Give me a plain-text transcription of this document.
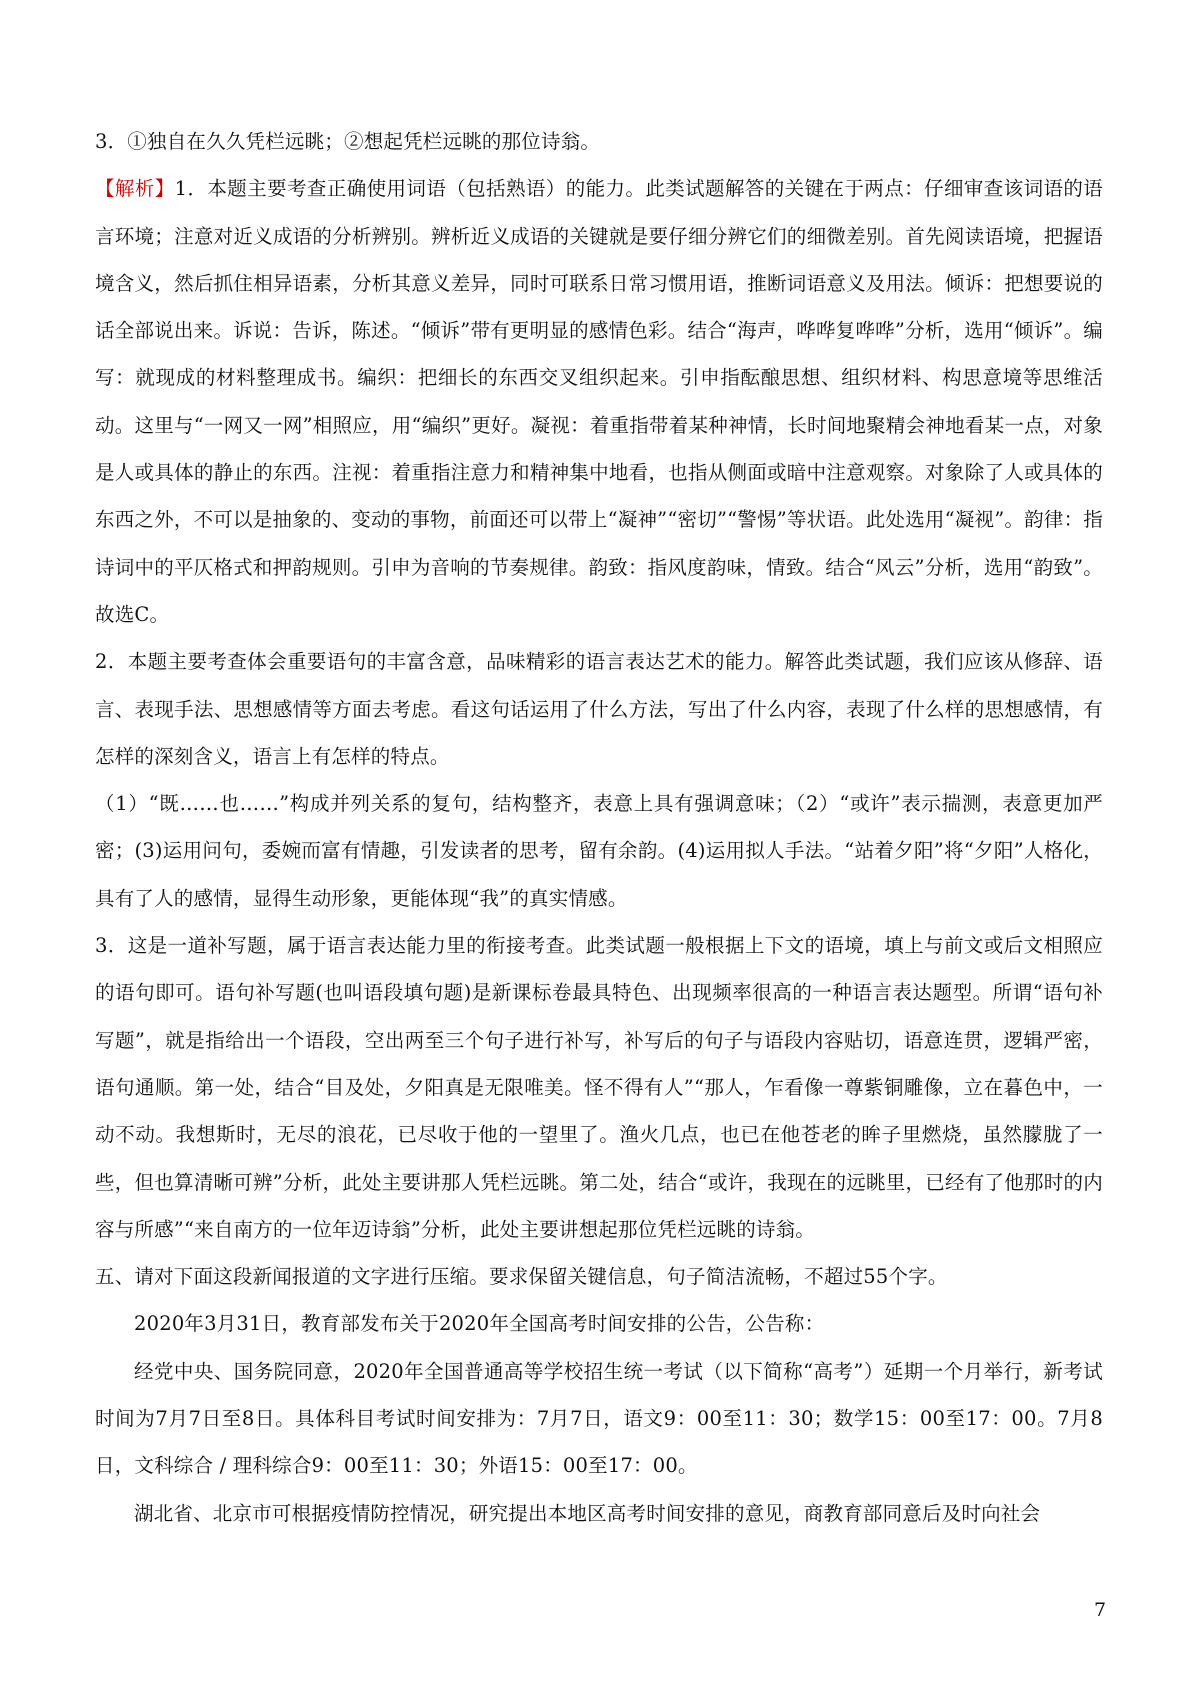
3．①独自在久久凭栏远眺；②想起凭栏远眺的那位诗翁。

【解析】1．本题主要考查正确使用词语（包括熟语）的能力。此类试题解答的关键在于两点：仔细审查该词语的语言环境；注意对近义成语的分析辨别。辨析近义成语的关键就是要仔细分辨它们的细微差别。首先阅读语境，把握语境含义，然后抓住相异语素，分析其意义差异，同时可联系日常习惯用语，推断词语意义及用法。倾诉：把想要说的话全部说出来。诉说：告诉，陈述。“倾诉”带有更明显的感情色彩。结合“海声，哗哗复哗哗”分析，选用“倾诉”。编写：就现成的材料整理成书。编织：把细长的东西交叉组织起来。引申指酝酿思想、组织材料、构思意境等思维活动。这里与“一网又一网”相照应，用“编织”更好。凝视：着重指带着某种神情，长时间地聚精会神地看某一点，对象是人或具体的静止的东西。注视：着重指注意力和精神集中地看，也指从侧面或暗中注意观察。对象除了人或具体的东西之外，不可以是抽象的、变动的事物，前面还可以带上“凝神”“密切”“警惕”等状语。此处选用“凝视”。韵律：指诗词中的平仄格式和押韵规则。引申为音响的节奏规律。韵致：指风度韵味，情致。结合“风云”分析，选用“韵致”。故选C。

2．本题主要考查体会重要语句的丰富含意，品味精彩的语言表达艺术的能力。解答此类试题，我们应该从修辞、语言、表现手法、思想感情等方面去考虑。看这句话运用了什么方法，写出了什么内容，表现了什么样的思想感情，有怎样的深刻含义，语言上有怎样的特点。

（1）“既……也……”构成并列关系的复句，结构整齐，表意上具有强调意味；（2）“或许”表示揣测，表意更加严密；(3)运用问句，委婉而富有情趣，引发读者的思考，留有余韵。(4)运用拟人手法。“站着夕阳”将“夕阳”人格化，具有了人的感情，显得生动形象，更能体现“我”的真实情感。

3．这是一道补写题，属于语言表达能力里的衔接考查。此类试题一般根据上下文的语境，填上与前文或后文相照应的语句即可。语句补写题(也叫语段填句题)是新课标卷最具特色、出现频率很高的一种语言表达题型。所谓“语句补写题”，就是指给出一个语段，空出两至三个句子进行补写，补写后的句子与语段内容贴切，语意连贯，逻辑严密，语句通顺。第一处，结合“目及处，夕阳真是无限唯美。怪不得有人”“那人，乍看像一尊紫铜雕像，立在暮色中，一动不动。我想斯时，无尽的浪花，已尽收于他的一望里了。渔火几点，也已在他苍老的眸子里燃烧，虽然朦胧了一些，但也算清晰可辨”分析，此处主要讲那人凭栏远眺。第二处，结合“或许，我现在的远眺里，已经有了他那时的内容与所感”“来自南方的一位年迈诗翁”分析，此处主要讲想起那位凭栏远眺的诗翁。

五、请对下面这段新闻报道的文字进行压缩。要求保留关键信息，句子简洁流畅，不超过55个字。

2020年3月31日，教育部发布关于2020年全国高考时间安排的公告，公告称：

经党中央、国务院同意，2020年全国普通高等学校招生统一考试（以下简称“高考”）延期一个月举行，新考试时间为7月7日至8日。具体科目考试时间安排为：7月7日，语文9：00至11：30；数学15：00至17：00。7月8日，文科综合 / 理科综合9：00至11：30；外语15：00至17：00。

湖北省、北京市可根据疫情防控情况，研究提出本地区高考时间安排的意见，商教育部同意后及时向社会

7
